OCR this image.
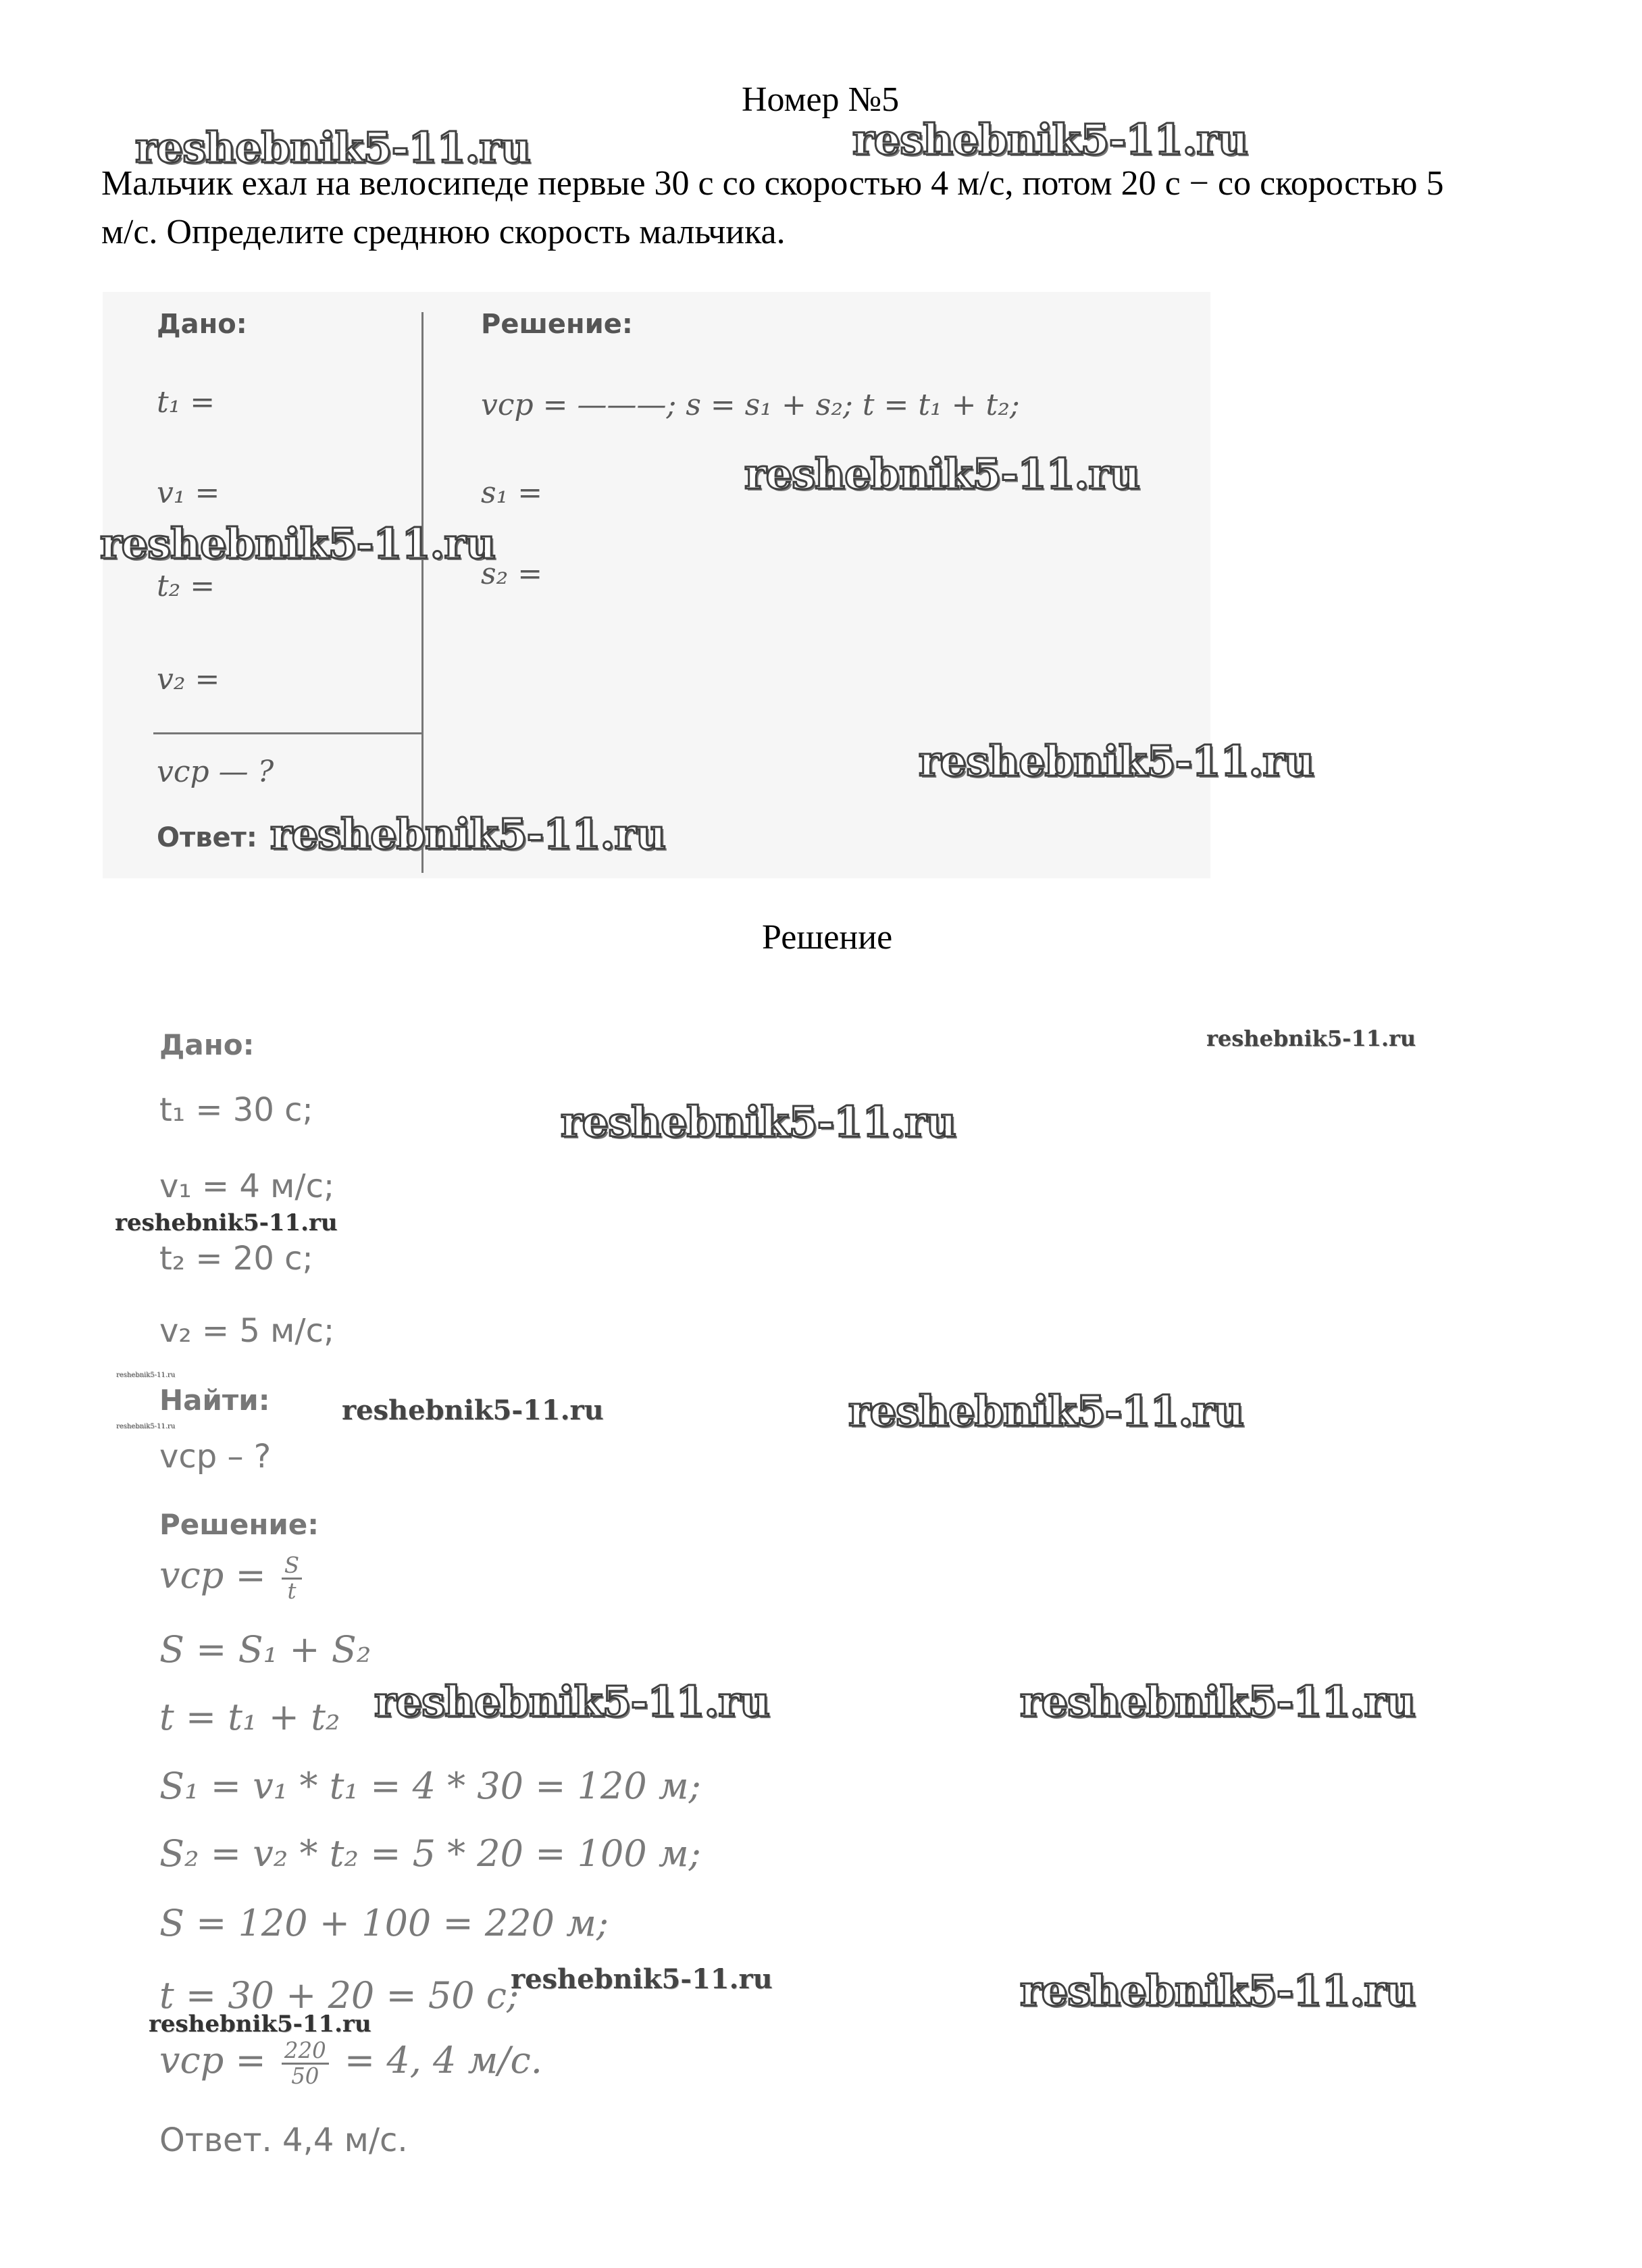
Номер №5
Мальчик ехал на велосипеде первые 30 с со скоростью 4 м/с, потом 20 с − со скоростью 5 м/с. Определите среднюю скорость мальчика.
Дано:	Решение:
t₁ =
v₁ =
t₂ =
v₂ =
vср — ?
vср = ———; s = s₁ + s₂; t = t₁ + t₂;
s₁ =
s₂ =
Ответ:
Решение
Дано:
t₁ = 30 с;
v₁ = 4 м/с;
t₂ = 20 с;
v₂ = 5 м/с;
Найти:
vср – ?
Решение:
vср = $\frac{S}{t}$
S = S₁ + S₂
t = t₁ + t₂
S₁ = v₁ * t₁ = 4 * 30 = 120 м;
S₂ = v₂ * t₂ = 5 * 20 = 100 м;
S = 120 + 100 = 220 м;
t = 30 + 20 = 50 с;
vср = $\frac{220}{50} = 4$, 4 м/с.
Ответ. 4,4 м/с.
reshebnik5-11.ru	reshebnik5-11.ru
reshebnik5-11.ru
reshebnik5-11.ru
reshebnik5-11.ru
reshebnik5-11.ru
reshebnik5-11.ru
reshebnik5-11.ru
reshebnik5-11.ru
reshebnik5-11.ru
reshebnik5-11.ru
reshebnik5-11.ru	reshebnik5-11.ru
reshebnik5-11.ru	reshebnik5-11.ru
reshebnik5-11.ru	reshebnik5-11.ru
reshebnik5-11.ru
